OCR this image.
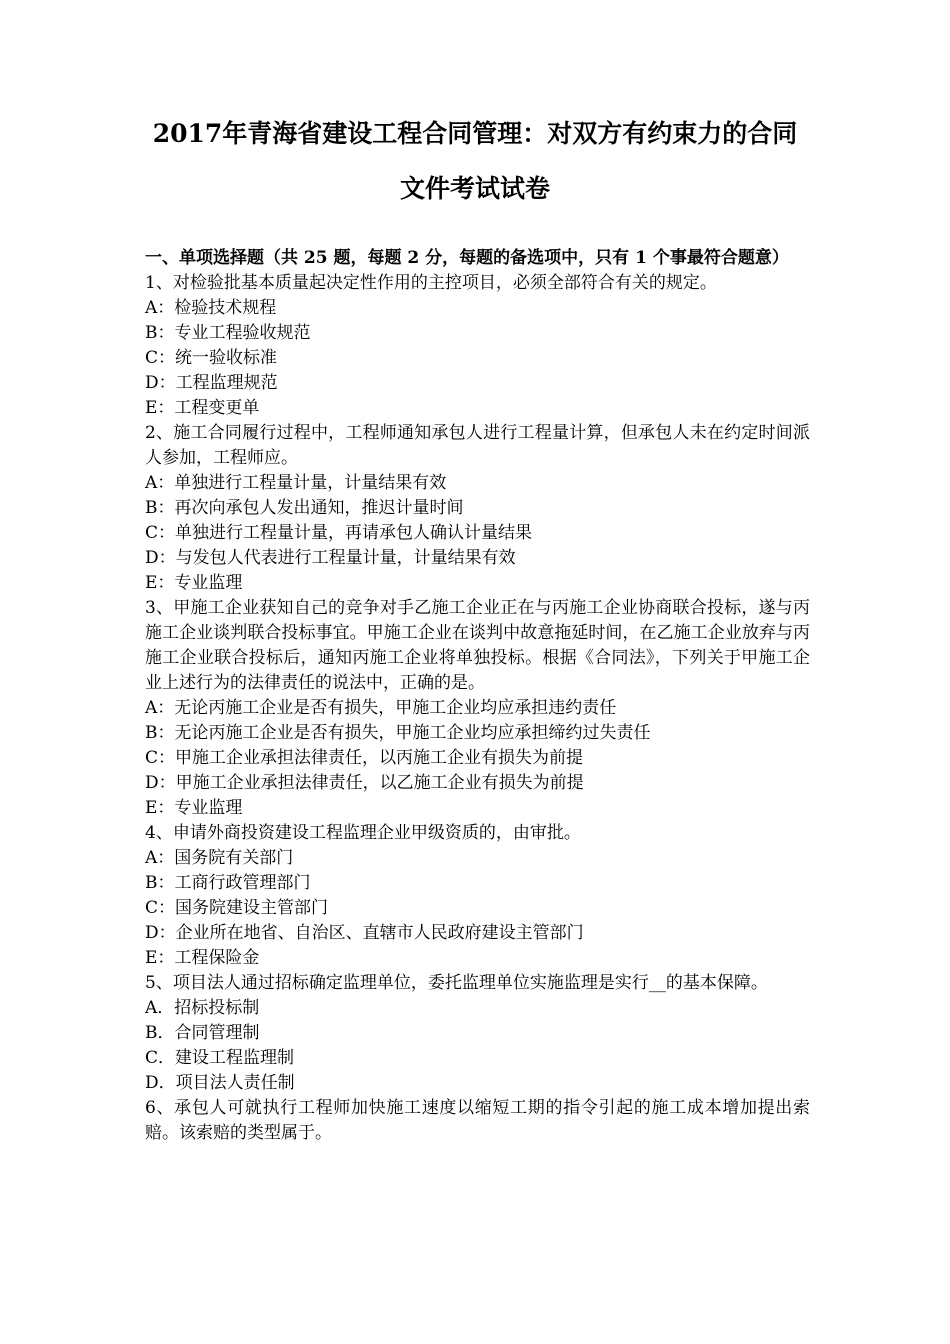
2017年青海省建设工程合同管理：对双方有约束力的合同
文件考试试卷
一、单项选择题（共 25 题，每题 2 分，每题的备选项中，只有 1 个事最符合题意）
1、对检验批基本质量起决定性作用的主控项目，必须全部符合有关的规定。
A：检验技术规程
B：专业工程验收规范
C：统一验收标准
D：工程监理规范
E：工程变更单
2、施工合同履行过程中，工程师通知承包人进行工程量计算，但承包人未在约定时间派人参加，工程师应。
A：单独进行工程量计量，计量结果有效
B：再次向承包人发出通知，推迟计量时间
C：单独进行工程量计量，再请承包人确认计量结果
D：与发包人代表进行工程量计量，计量结果有效
E：专业监理
3、甲施工企业获知自己的竞争对手乙施工企业正在与丙施工企业协商联合投标，遂与丙施工企业谈判联合投标事宜。甲施工企业在谈判中故意拖延时间，在乙施工企业放弃与丙施工企业联合投标后，通知丙施工企业将单独投标。根据《合同法》，下列关于甲施工企业上述行为的法律责任的说法中，正确的是。
A：无论丙施工企业是否有损失，甲施工企业均应承担违约责任
B：无论丙施工企业是否有损失，甲施工企业均应承担缔约过失责任
C：甲施工企业承担法律责任，以丙施工企业有损失为前提
D：甲施工企业承担法律责任，以乙施工企业有损失为前提
E：专业监理
4、申请外商投资建设工程监理企业甲级资质的，由审批。
A：国务院有关部门
B：工商行政管理部门
C：国务院建设主管部门
D：企业所在地省、自治区、直辖市人民政府建设主管部门
E：工程保险金
5、项目法人通过招标确定监理单位，委托监理单位实施监理是实行__的基本保障。
A．招标投标制
B．合同管理制
C．建设工程监理制
D．项目法人责任制
6、承包人可就执行工程师加快施工速度以缩短工期的指令引起的施工成本增加提出索赔。该索赔的类型属于。
